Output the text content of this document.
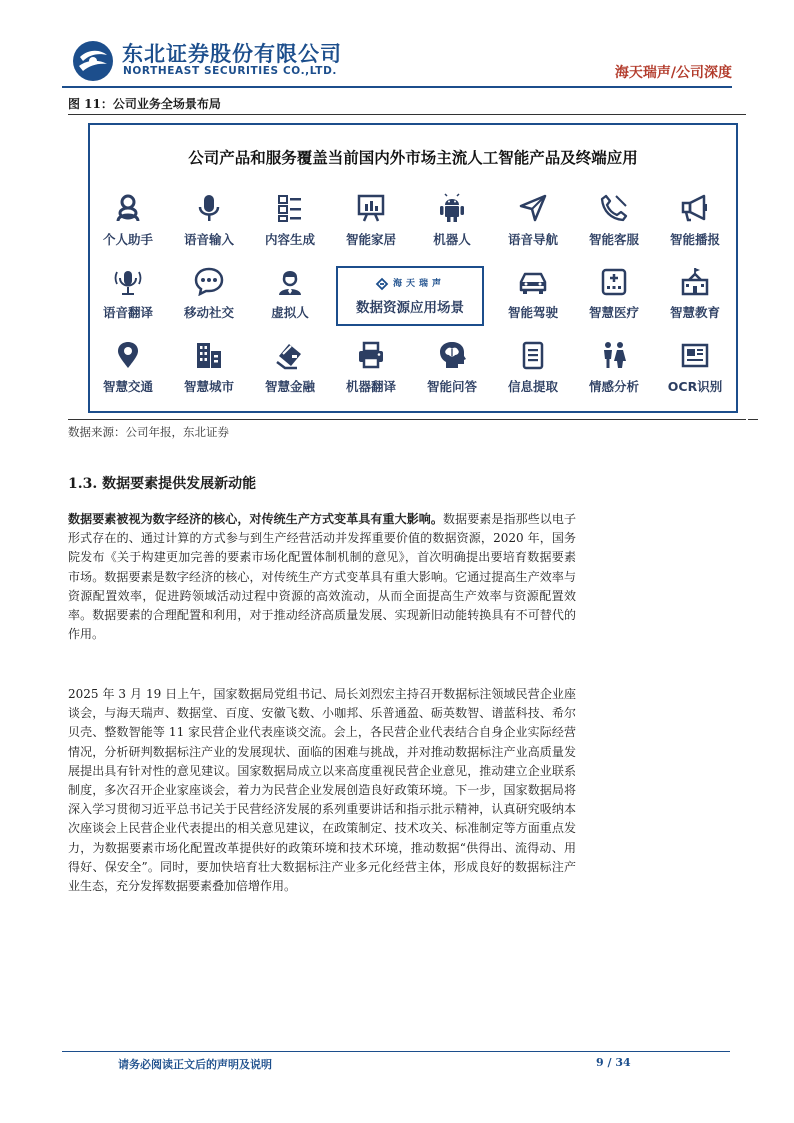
东北证券股份有限公司
NORTHEAST SECURITIES CO.,LTD.	海天瑞声/公司深度
图 11：公司业务全场景布局
公司产品和服务覆盖当前国内外市场主流人工智能产品及终端应用
个人助手	语音输入	内容生成	智能家居	机器人	语音导航	智能客服	智能播报
语音翻译	移动社交	虚拟人
海天瑞声
数据资源应用场景	智能驾驶	智慧医疗	智慧教育
智慧交通	智慧城市	智慧金融	机器翻译	智能问答	信息提取	情感分析	OCR识别
数据来源：公司年报，东北证券
1.3. 数据要素提供发展新动能
数据要素被视为数字经济的核心，对传统生产方式变革具有重大影响。数据要素是指那些以电子形式存在的、通过计算的方式参与到生产经营活动并发挥重要价值的数据资源，2020 年，国务院发布《关于构建更加完善的要素市场化配置体制机制的意见》，首次明确提出要培育数据要素市场。数据要素是数字经济的核心，对传统生产方式变革具有重大影响。它通过提高生产效率与资源配置效率，促进跨领域活动过程中资源的高效流动，从而全面提高生产效率与资源配置效率。数据要素的合理配置和利用，对于推动经济高质量发展、实现新旧动能转换具有不可替代的作用。
2025 年 3 月 19 日上午，国家数据局党组书记、局长刘烈宏主持召开数据标注领域民营企业座谈会，与海天瑞声、数据堂、百度、安徽飞数、小咖邦、乐普通盈、砺英数智、谱蓝科技、希尔贝壳、整数智能等 11 家民营企业代表座谈交流。会上，各民营企业代表结合自身企业实际经营情况，分析研判数据标注产业的发展现状、面临的困难与挑战，并对推动数据标注产业高质量发展提出具有针对性的意见建议。国家数据局成立以来高度重视民营企业意见，推动建立企业联系制度，多次召开企业家座谈会，着力为民营企业发展创造良好政策环境。下一步，国家数据局将深入学习贯彻习近平总书记关于民营经济发展的系列重要讲话和指示批示精神，认真研究吸纳本次座谈会上民营企业代表提出的相关意见建议，在政策制定、技术攻关、标准制定等方面重点发力，为数据要素市场化配置改革提供好的政策环境和技术环境，推动数据“供得出、流得动、用得好、保安全”。同时，要加快培育壮大数据标注产业多元化经营主体，形成良好的数据标注产业生态，充分发挥数据要素叠加倍增作用。
请务必阅读正文后的声明及说明	9 / 34
